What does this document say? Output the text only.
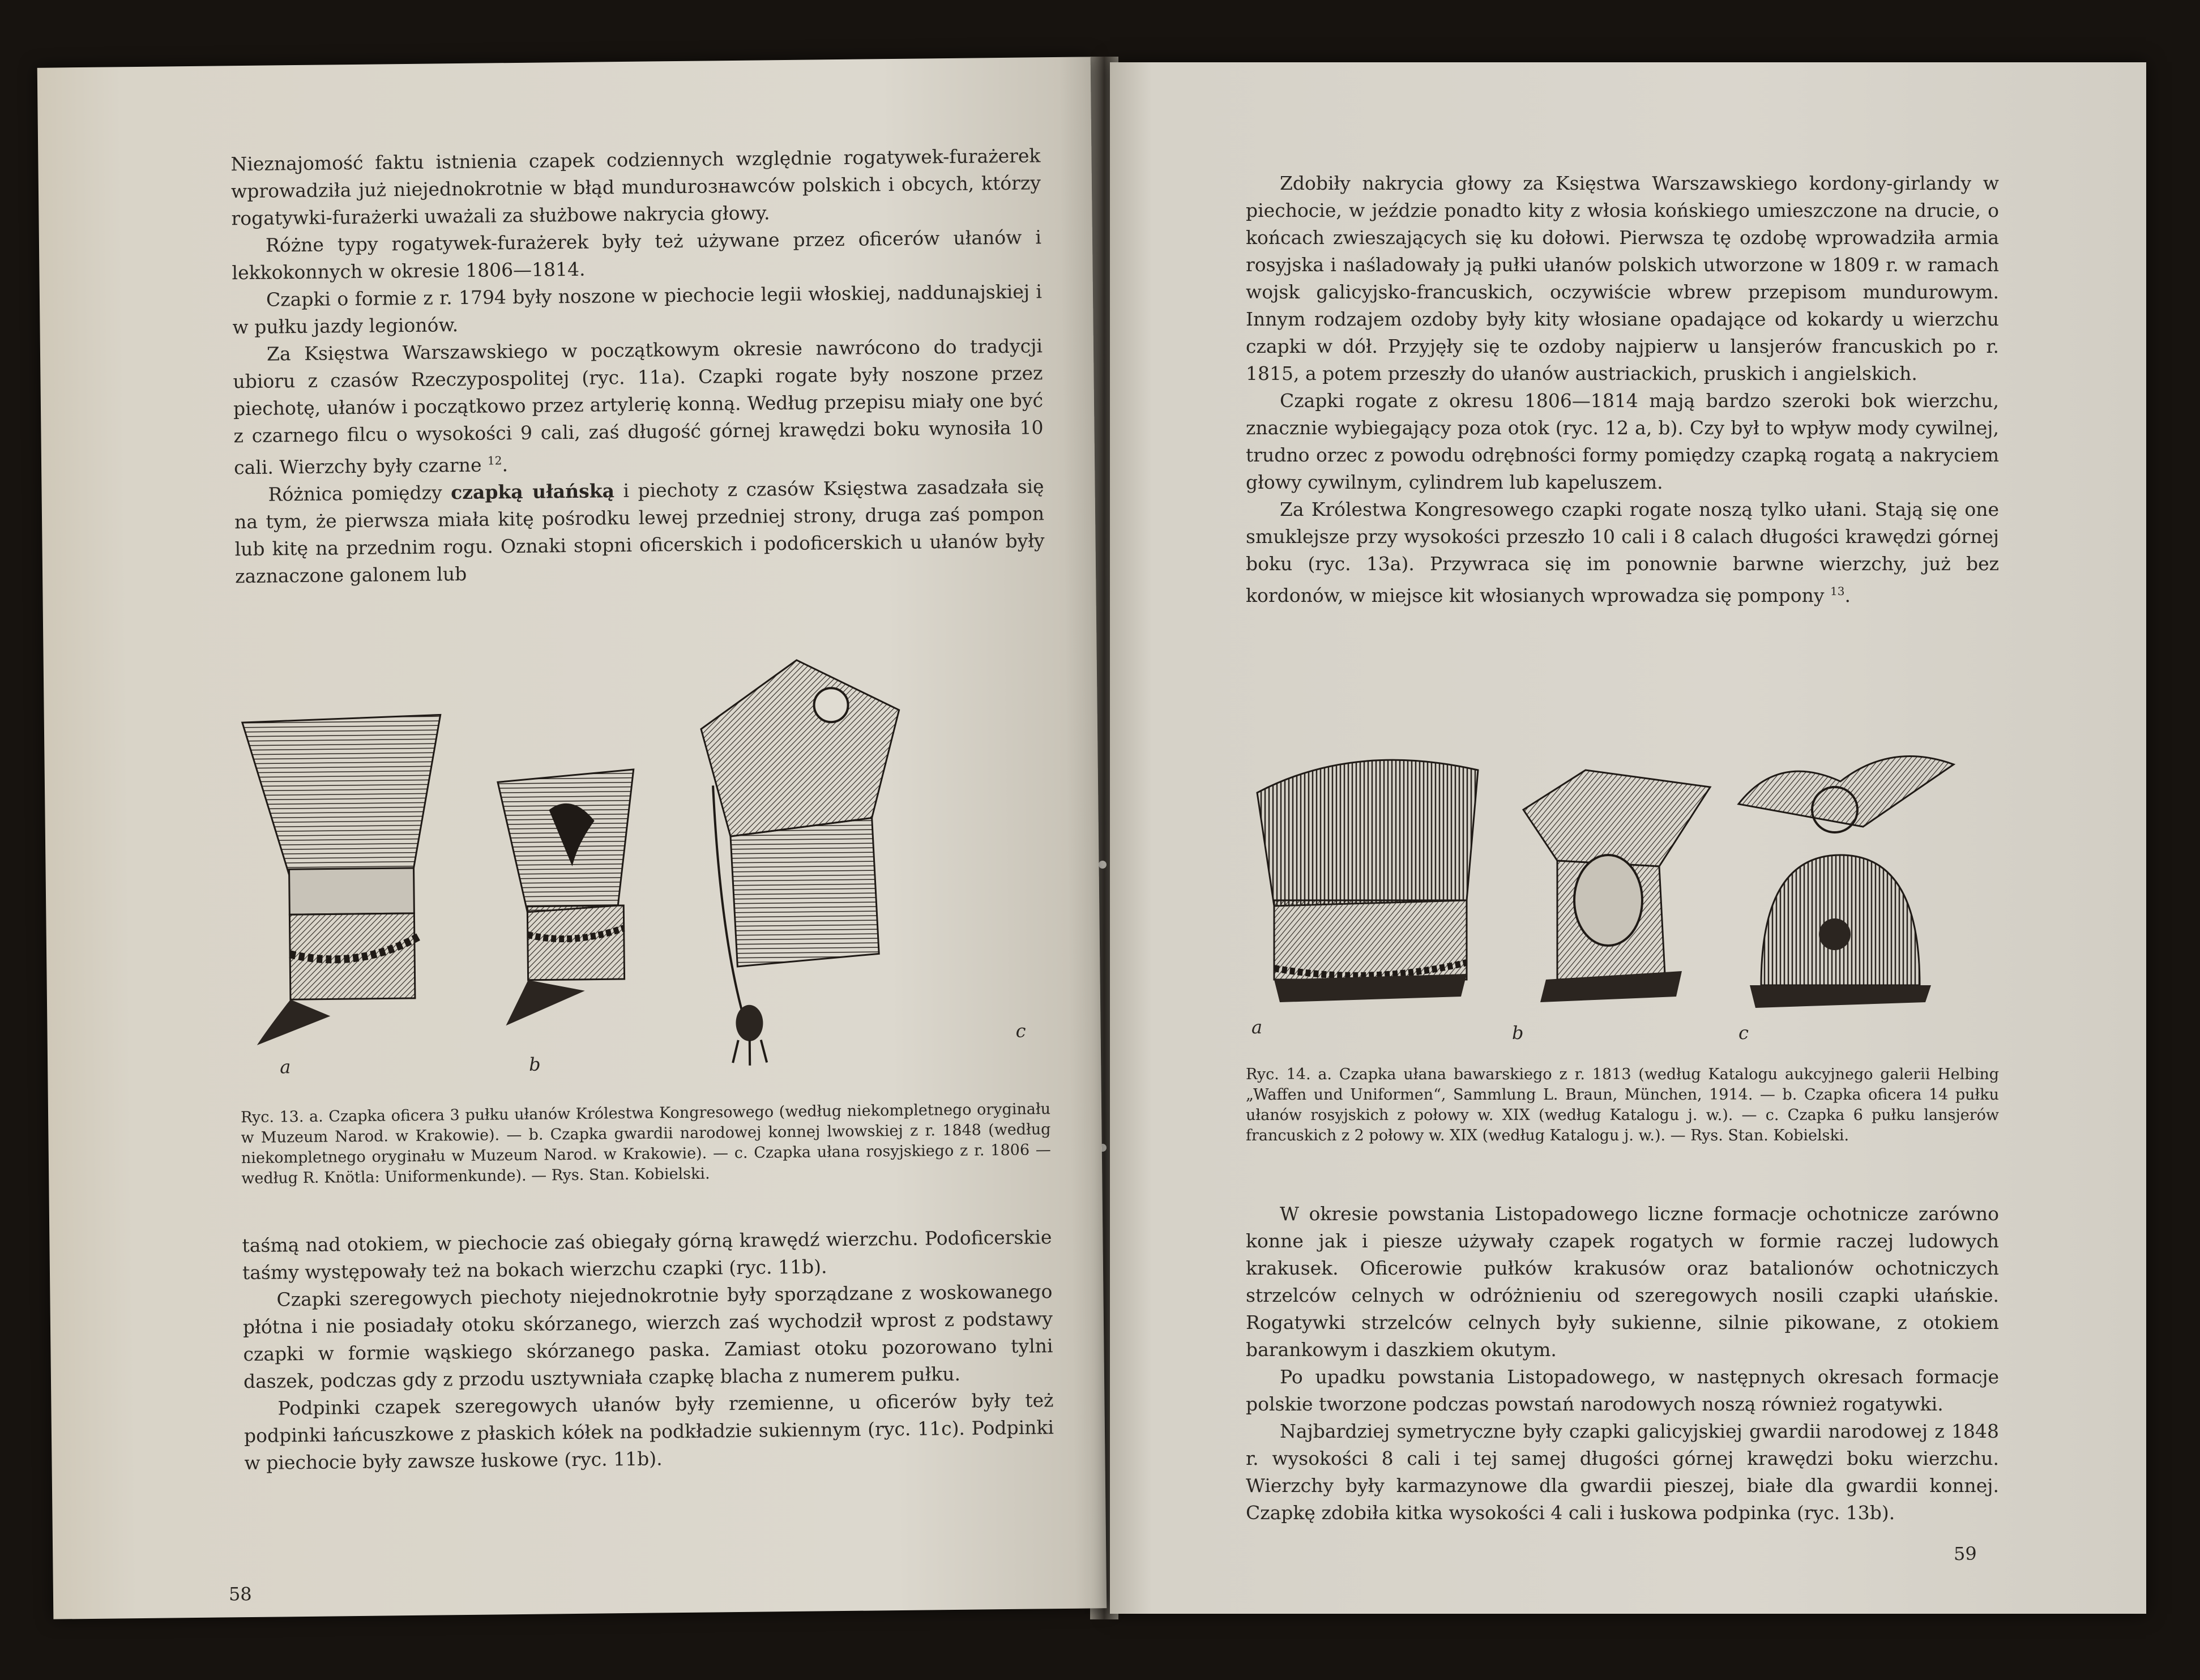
Nieznajomość faktu istnienia czapek codziennych względnie rogatywek-furażerek wprowadziła już niejednokrotnie w błąd mundurознawców polskich i obcych, którzy rogatywki-furażerki uważali za służbowe nakrycia głowy.

Różne typy rogatywek-furażerek były też używane przez oficerów ułanów i lekkokonnych w okresie 1806—1814.

Czapki o formie z r. 1794 były noszone w piechocie legii włoskiej, naddunajskiej i w pułku jazdy legionów.

Za Księstwa Warszawskiego w początkowym okresie nawrócono do tradycji ubioru z czasów Rzeczypospolitej (ryc. 11a). Czapki rogate były noszone przez piechotę, ułanów i początkowo przez artylerię konną. Według przepisu miały one być z czarnego filcu o wysokości 9 cali, zaś długość górnej krawędzi boku wynosiła 10 cali. Wierzchy były czarne $^{12}$.

Różnica pomiędzy czapką ułańską i piechoty z czasów Księstwa zasadzała się na tym, że pierwsza miała kitę pośrodku lewej przedniej strony, druga zaś pompon lub kitę na przednim rogu. Oznaki stopni oficerskich i podoficerskich u ułanów były zaznaczone galonem lub

a	b
c

Ryc. 13. a. Czapka oficera 3 pułku ułanów Królestwa Kongresowego (według niekompletnego oryginału w Muzeum Narod. w Krakowie). — b. Czapka gwardii narodowej konnej lwowskiej z r. 1848 (według niekompletnego oryginału w Muzeum Narod. w Krakowie). — c. Czapka ułana rosyjskiego z r. 1806 — według R. Knötla: Uniformenkunde). — Rys. Stan. Kobielski.

taśmą nad otokiem, w piechocie zaś obiegały górną krawędź wierzchu. Podoficerskie taśmy występowały też na bokach wierzchu czapki (ryc. 11b).

Czapki szeregowych piechoty niejednokrotnie były sporządzane z woskowanego płótna i nie posiadały otoku skórzanego, wierzch zaś wychodził wprost z podstawy czapki w formie wąskiego skórzanego paska. Zamiast otoku pozorowano tylni daszek, podczas gdy z przodu usztywniała czapkę blacha z numerem pułku.

Podpinki czapek szeregowych ułanów były rzemienne, u oficerów były też podpinki łańcuszkowe z płaskich kółek na podkładzie sukiennym (ryc. 11c). Podpinki w piechocie były zawsze łuskowe (ryc. 11b).

58

Zdobiły nakrycia głowy za Księstwa Warszawskiego kordony-girlandy w piechocie, w jeździe ponadto kity z włosia końskiego umieszczone na drucie, o końcach zwieszających się ku dołowi. Pierwsza tę ozdobę wprowadziła armia rosyjska i naśladowały ją pułki ułanów polskich utworzone w 1809 r. w ramach wojsk galicyjsko-francuskich, oczywiście wbrew przepisom mundurowym. Innym rodzajem ozdoby były kity włosiane opadające od kokardy u wierzchu czapki w dół. Przyjęły się te ozdoby najpierw u lansjerów francuskich po r. 1815, a potem przeszły do ułanów austriackich, pruskich i angielskich.

Czapki rogate z okresu 1806—1814 mają bardzo szeroki bok wierzchu, znacznie wybiegający poza otok (ryc. 12 a, b). Czy był to wpływ mody cywilnej, trudno orzec z powodu odrębności formy pomiędzy czapką rogatą a nakryciem głowy cywilnym, cylindrem lub kapeluszem.

Za Królestwa Kongresowego czapki rogate noszą tylko ułani. Stają się one smuklejsze przy wysokości przeszło 10 cali i 8 calach długości krawędzi górnej boku (ryc. 13a). Przywraca się im ponownie barwne wierzchy, już bez kordonów, w miejsce kit włosianych wprowadza się pompony $^{13}$.

a	b	c

Ryc. 14. a. Czapka ułana bawarskiego z r. 1813 (według Katalogu aukcyjnego galerii Helbing „Waffen und Uniformen“, Sammlung L. Braun, München, 1914. — b. Czapka oficera 14 pułku ułanów rosyjskich z połowy w. XIX (według Katalogu j. w.). — c. Czapka 6 pułku lansjerów francuskich z 2 połowy w. XIX (według Katalogu j. w.). — Rys. Stan. Kobielski.

W okresie powstania Listopadowego liczne formacje ochotnicze zarówno konne jak i piesze używały czapek rogatych w formie raczej ludowych krakusek. Oficerowie pułków krakusów oraz batalionów ochotniczych strzelców celnych w odróżnieniu od szeregowych nosili czapki ułańskie. Rogatywki strzelców celnych były sukienne, silnie pikowane, z otokiem barankowym i daszkiem okutym.

Po upadku powstania Listopadowego, w następnych okresach formacje polskie tworzone podczas powstań narodowych noszą również rogatywki.

Najbardziej symetryczne były czapki galicyjskiej gwardii narodowej z 1848 r. wysokości 8 cali i tej samej długości górnej krawędzi boku wierzchu. Wierzchy były karmazynowe dla gwardii pieszej, białe dla gwardii konnej. Czapkę zdobiła kitka wysokości 4 cali i łuskowa podpinka (ryc. 13b).

59
